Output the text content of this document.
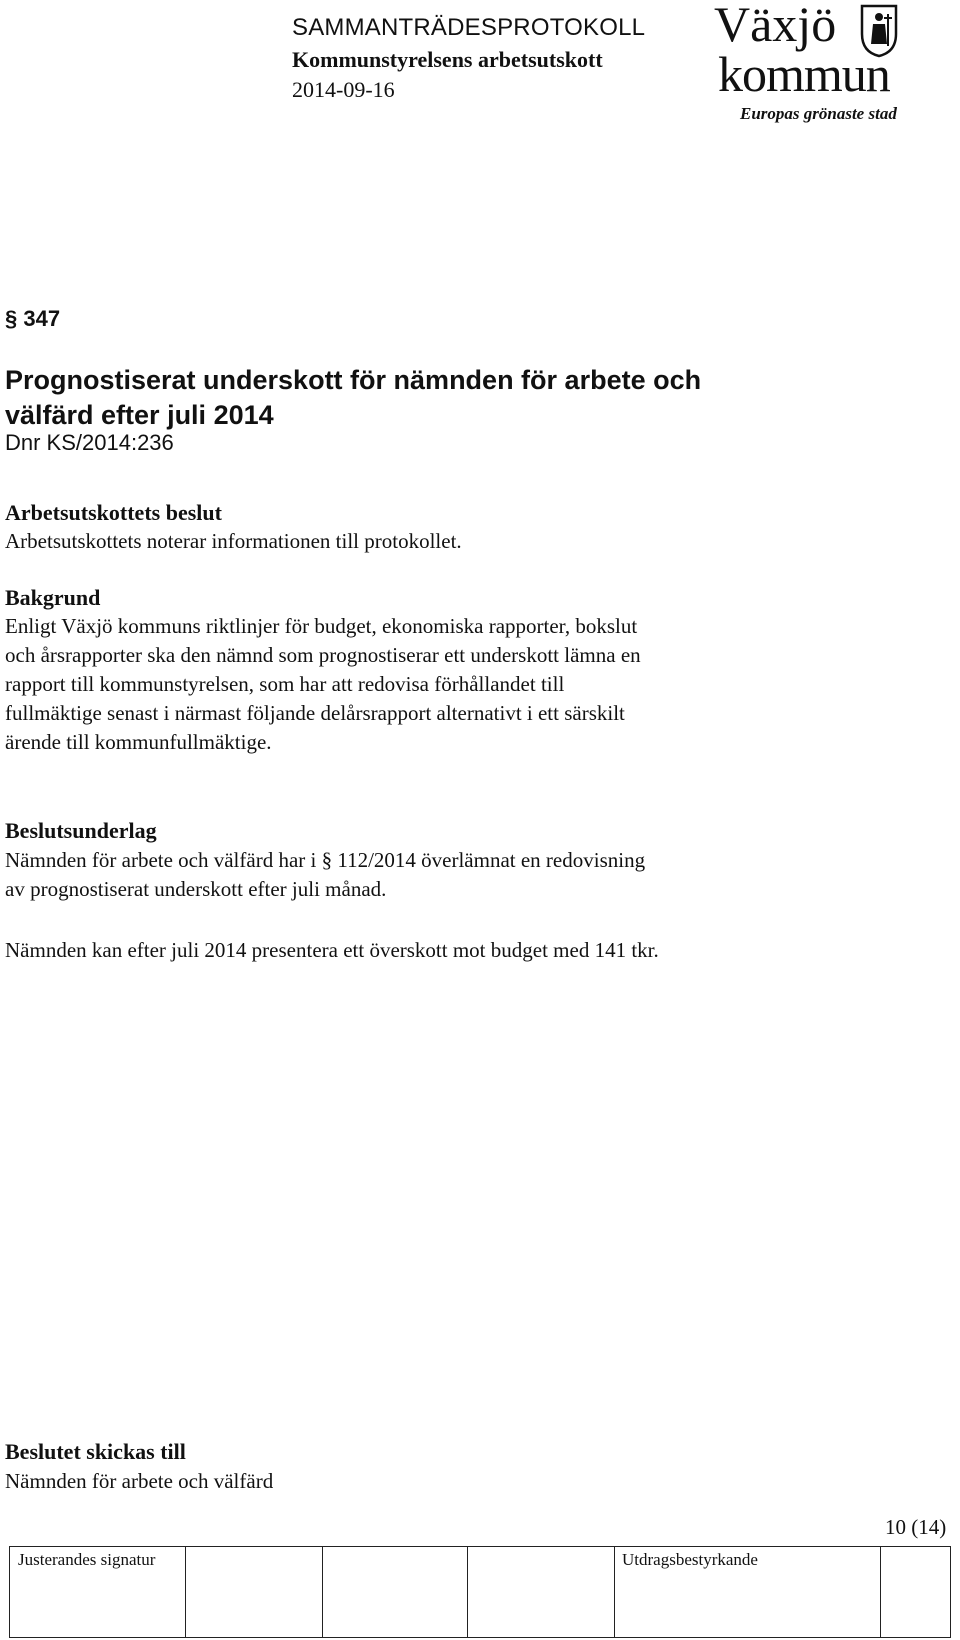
SAMMANTRÄDESPROTOKOLL
Kommunstyrelsens arbetsutskott
2014-09-16
Växjö
kommun
Europas grönaste stad
§ 347
Prognostiserat underskott för nämnden för arbete och
välfärd efter juli 2014
Dnr KS/2014:236
Arbetsutskottets beslut
Arbetsutskottets noterar informationen till protokollet.
Bakgrund
Enligt Växjö kommuns riktlinjer för budget, ekonomiska rapporter, bokslut
och årsrapporter ska den nämnd som prognostiserar ett underskott lämna en
rapport till kommunstyrelsen, som har att redovisa förhållandet till
fullmäktige senast i närmast följande delårsrapport alternativt i ett särskilt
ärende till kommunfullmäktige.
Beslutsunderlag
Nämnden för arbete och välfärd har i § 112/2014 överlämnat en redovisning
av prognostiserat underskott efter juli månad.
Nämnden kan efter juli 2014 presentera ett överskott mot budget med 141 tkr.
Beslutet skickas till
Nämnden för arbete och välfärd
10 (14)
Justerandes signatur	Utdragsbestyrkande
